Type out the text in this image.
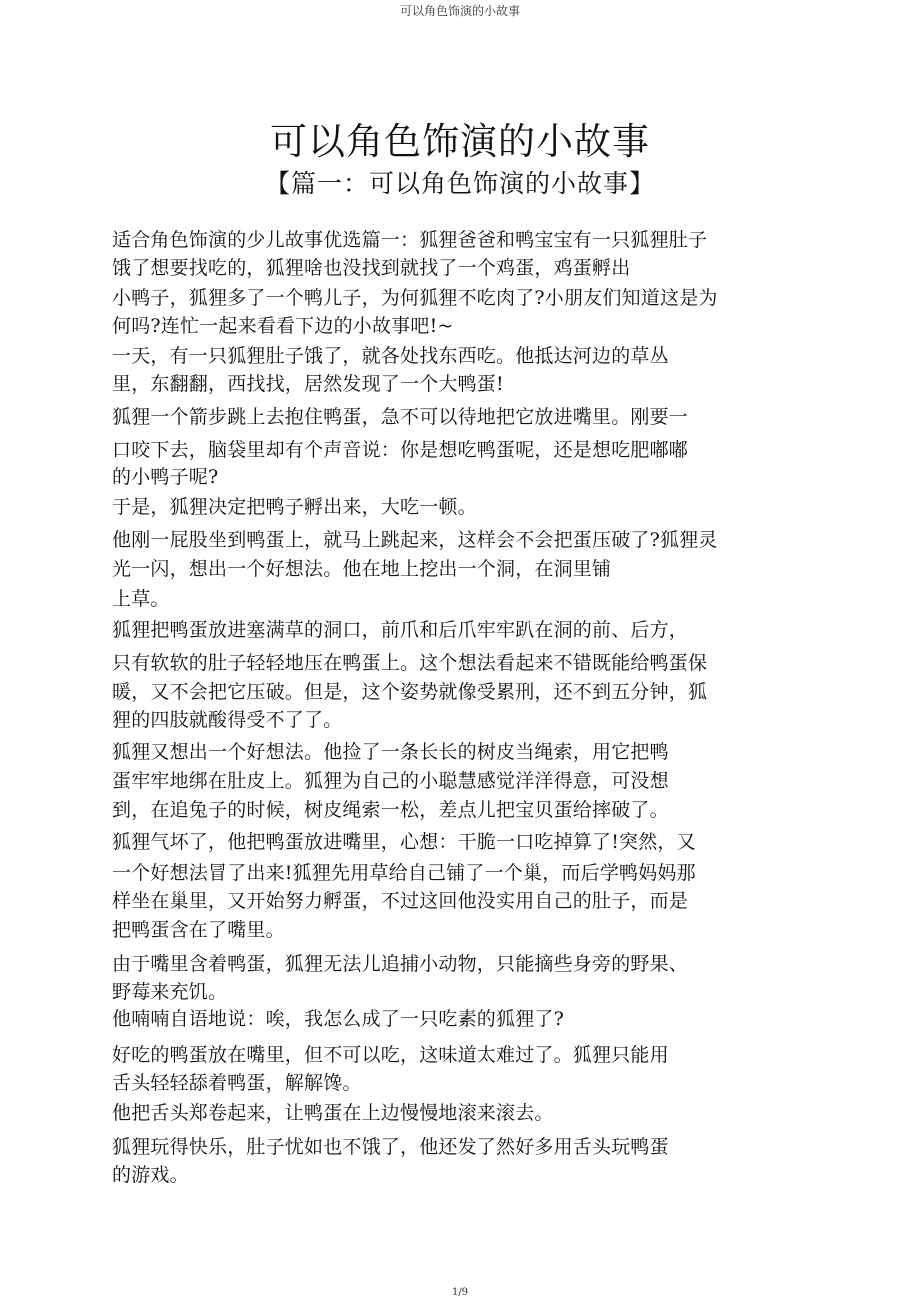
可以角色饰演的小故事
可以角色饰演的小故事
【篇一：可以角色饰演的小故事】
适合角色饰演的少儿故事优选篇一：狐狸爸爸和鸭宝宝有一只狐狸肚子
饿了想要找吃的，狐狸啥也没找到就找了一个鸡蛋，鸡蛋孵出
小鸭子，狐狸多了一个鸭儿子，为何狐狸不吃肉了?小朋友们知道这是为
何吗?连忙一起来看看下边的小故事吧!~
一天，有一只狐狸肚子饿了，就各处找东西吃。他抵达河边的草丛
里，东翻翻，西找找，居然发现了一个大鸭蛋!
狐狸一个箭步跳上去抱住鸭蛋，急不可以待地把它放进嘴里。刚要一
口咬下去，脑袋里却有个声音说：你是想吃鸭蛋呢，还是想吃肥嘟嘟
的小鸭子呢?
于是，狐狸决定把鸭子孵出来，大吃一顿。
他刚一屁股坐到鸭蛋上，就马上跳起来，这样会不会把蛋压破了?狐狸灵
光一闪，想出一个好想法。他在地上挖出一个洞，在洞里铺
上草。
狐狸把鸭蛋放进塞满草的洞口，前爪和后爪牢牢趴在洞的前、后方，
只有软软的肚子轻轻地压在鸭蛋上。这个想法看起来不错既能给鸭蛋保
暖，又不会把它压破。但是，这个姿势就像受累刑，还不到五分钟，狐
狸的四肢就酸得受不了了。
狐狸又想出一个好想法。他捡了一条长长的树皮当绳索，用它把鸭
蛋牢牢地绑在肚皮上。狐狸为自己的小聪慧感觉洋洋得意，可没想
到，在追兔子的时候，树皮绳索一松，差点儿把宝贝蛋给摔破了。
狐狸气坏了，他把鸭蛋放进嘴里，心想：干脆一口吃掉算了!突然，又
一个好想法冒了出来!狐狸先用草给自己铺了一个巢，而后学鸭妈妈那
样坐在巢里，又开始努力孵蛋，不过这回他没实用自己的肚子，而是
把鸭蛋含在了嘴里。
由于嘴里含着鸭蛋，狐狸无法儿追捕小动物，只能摘些身旁的野果、
野莓来充饥。
他喃喃自语地说：唉，我怎么成了一只吃素的狐狸了?
好吃的鸭蛋放在嘴里，但不可以吃，这味道太难过了。狐狸只能用
舌头轻轻舔着鸭蛋，解解馋。
他把舌头郑卷起来，让鸭蛋在上边慢慢地滚来滚去。
狐狸玩得快乐，肚子忧如也不饿了，他还发了然好多用舌头玩鸭蛋
的游戏。
1/9
